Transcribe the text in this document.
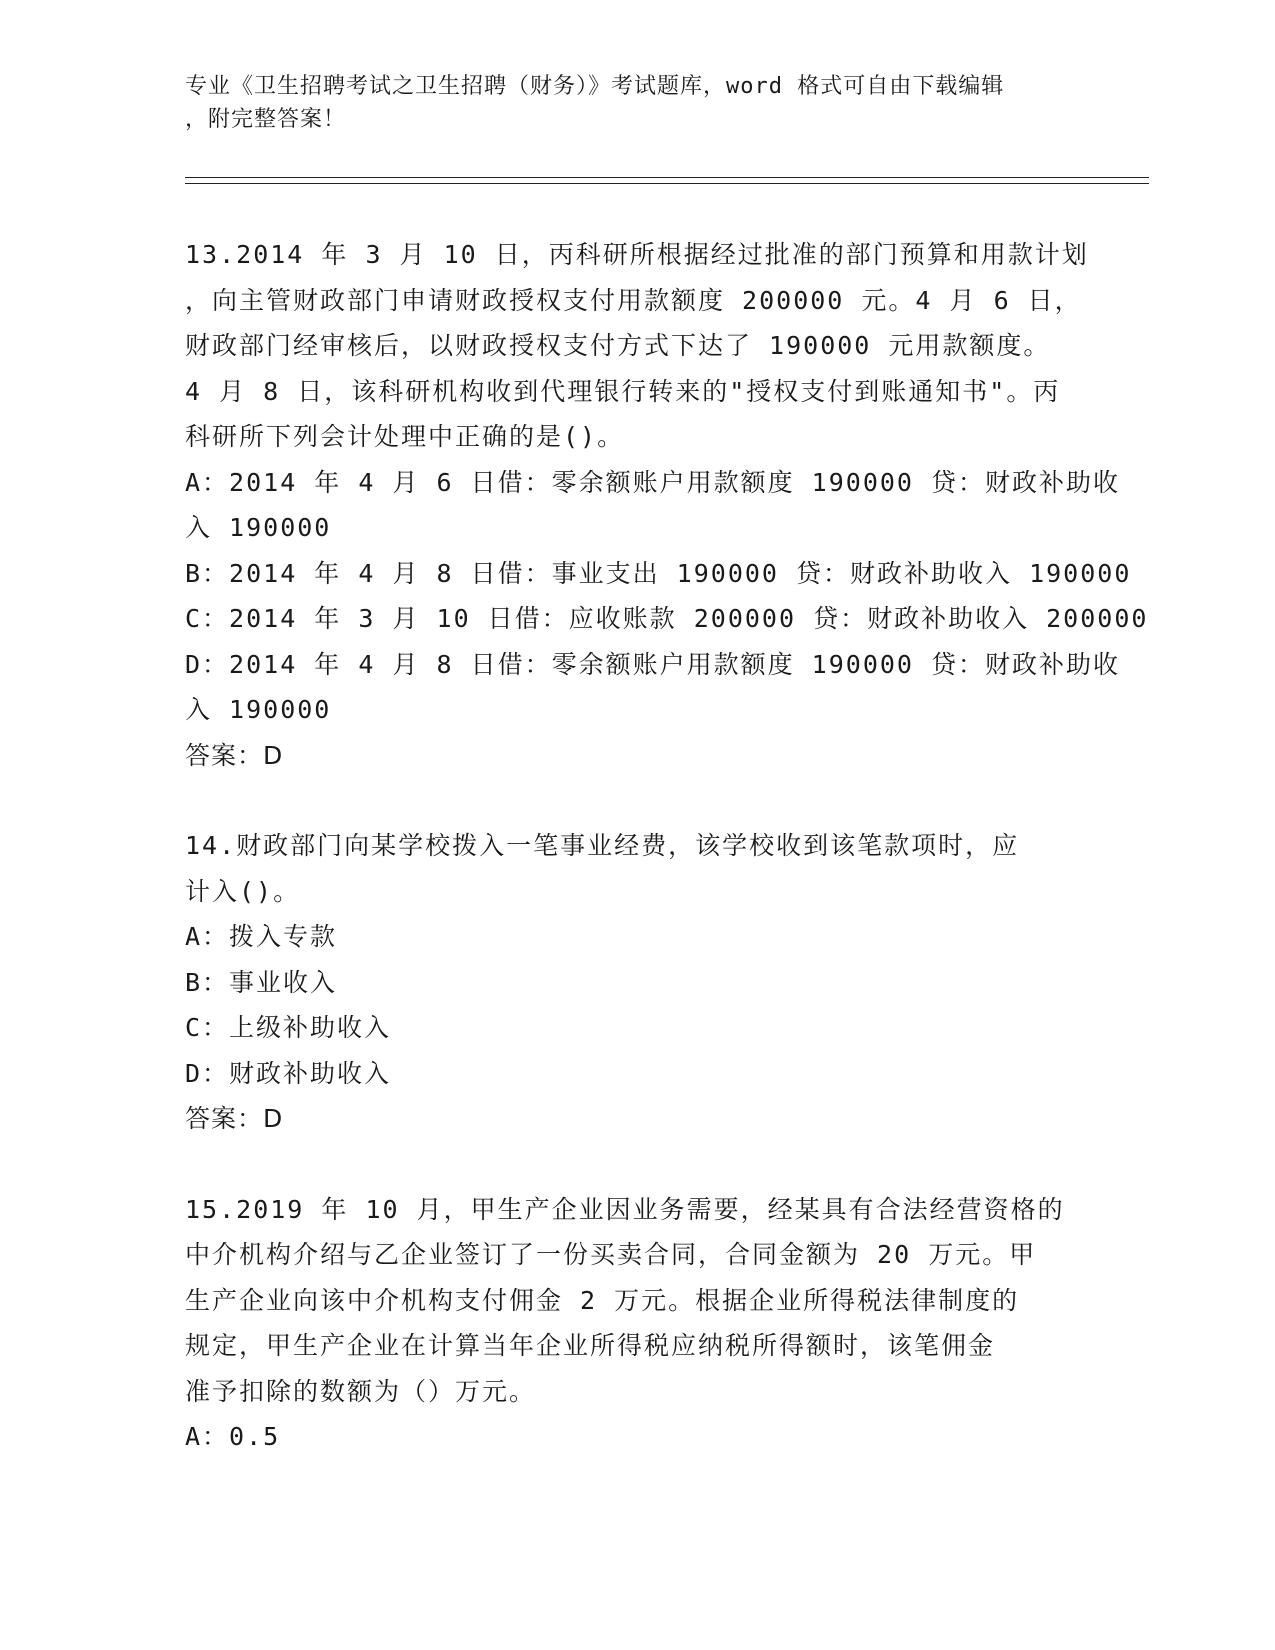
专业《卫生招聘考试之卫生招聘（财务）》考试题库，word 格式可自由下载编辑
，附完整答案！
13.2014 年 3 月 10 日，丙科研所根据经过批准的部门预算和用款计划
，向主管财政部门申请财政授权支付用款额度 200000 元。4 月 6 日，
财政部门经审核后，以财政授权支付方式下达了 190000 元用款额度。
4 月 8 日，该科研机构收到代理银行转来的"授权支付到账通知书"。丙
科研所下列会计处理中正确的是()。
A：2014 年 4 月 6 日借：零余额账户用款额度 190000 贷：财政补助收
入 190000
B：2014 年 4 月 8 日借：事业支出 190000 贷：财政补助收入 190000
C：2014 年 3 月 10 日借：应收账款 200000 贷：财政补助收入 200000
D：2014 年 4 月 8 日借：零余额账户用款额度 190000 贷：财政补助收
入 190000
答案：D
14.财政部门向某学校拨入一笔事业经费，该学校收到该笔款项时，应
计入()。
A：拨入专款
B：事业收入
C：上级补助收入
D：财政补助收入
答案：D
15.2019 年 10 月，甲生产企业因业务需要，经某具有合法经营资格的
中介机构介绍与乙企业签订了一份买卖合同，合同金额为 20 万元。甲
生产企业向该中介机构支付佣金 2 万元。根据企业所得税法律制度的
规定，甲生产企业在计算当年企业所得税应纳税所得额时，该笔佣金
准予扣除的数额为（）万元。
A：0.5
